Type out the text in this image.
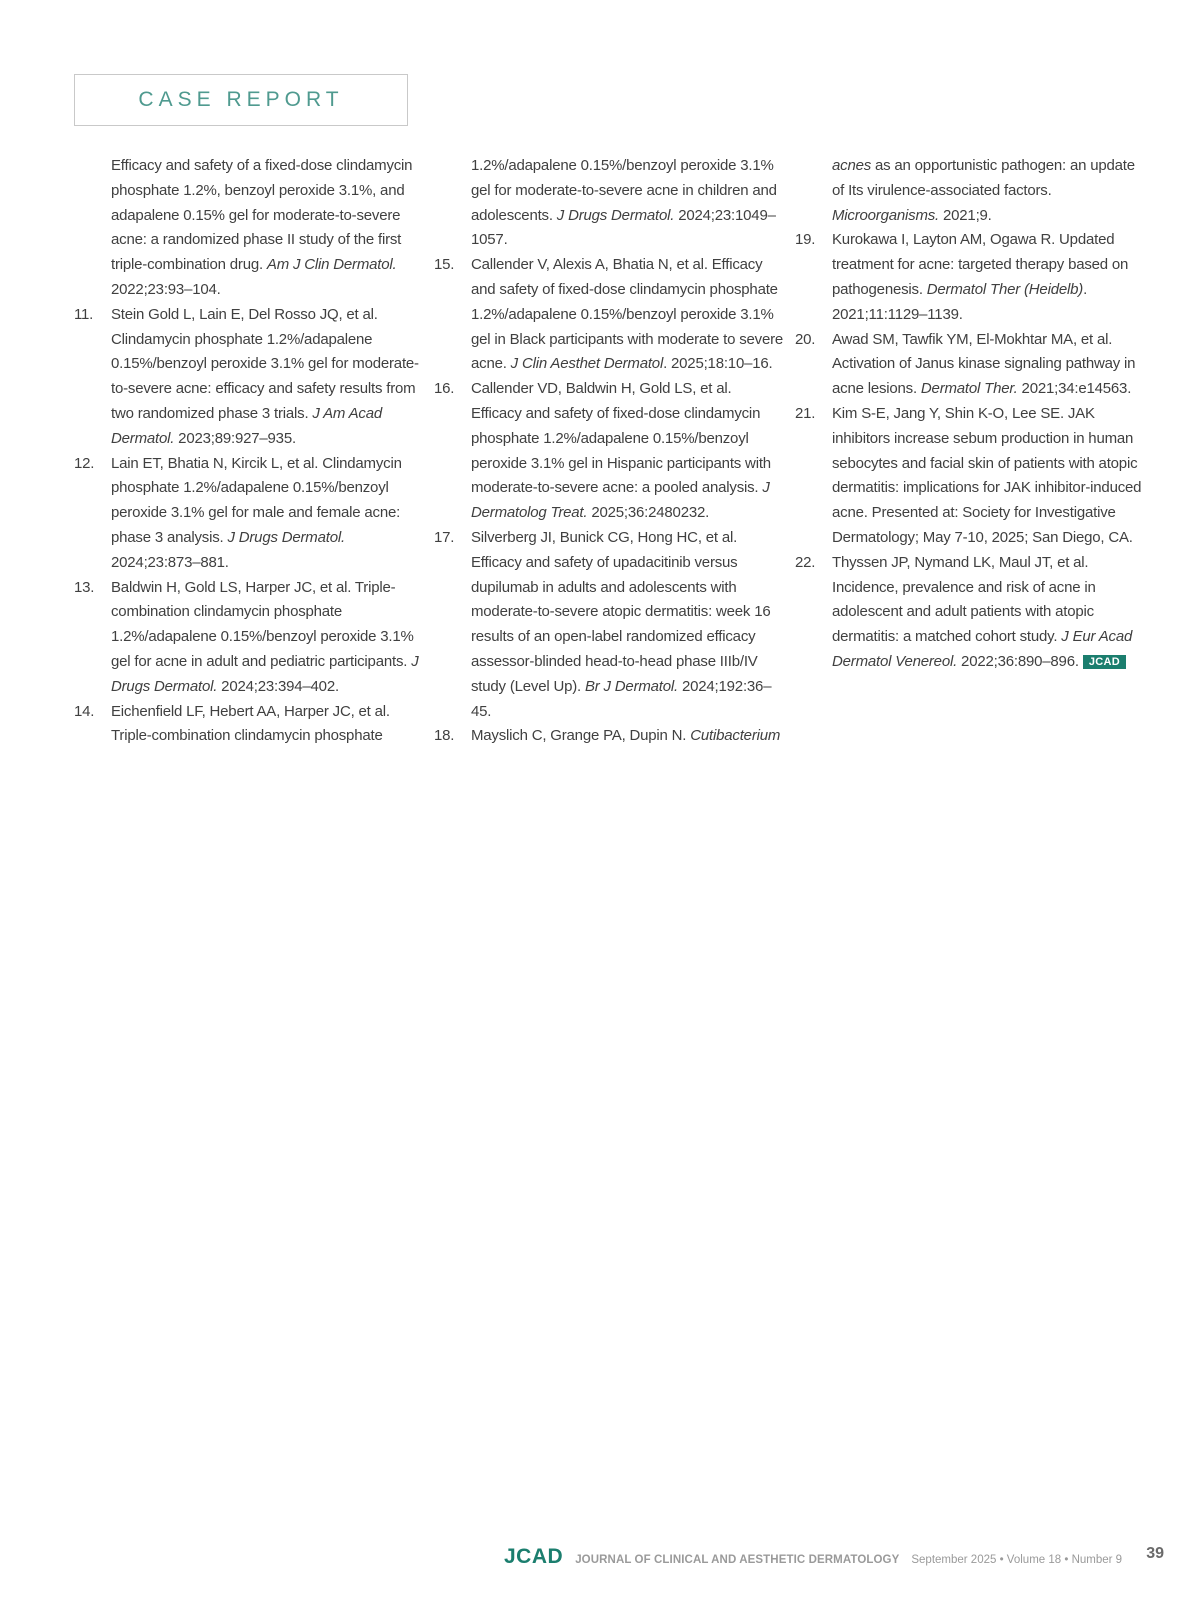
CASE REPORT

Efficacy and safety of a fixed-dose clindamycin phosphate 1.2%, benzoyl peroxide 3.1%, and adapalene 0.15% gel for moderate-to-severe acne: a randomized phase II study of the first triple-combination drug. Am J Clin Dermatol. 2022;23:93–104.

11. Stein Gold L, Lain E, Del Rosso JQ, et al. Clindamycin phosphate 1.2%/adapalene 0.15%/benzoyl peroxide 3.1% gel for moderate-to-severe acne: efficacy and safety results from two randomized phase 3 trials. J Am Acad Dermatol. 2023;89:927–935.

12. Lain ET, Bhatia N, Kircik L, et al. Clindamycin phosphate 1.2%/adapalene 0.15%/benzoyl peroxide 3.1% gel for male and female acne: phase 3 analysis. J Drugs Dermatol. 2024;23:873–881.

13. Baldwin H, Gold LS, Harper JC, et al. Triple-combination clindamycin phosphate 1.2%/adapalene 0.15%/benzoyl peroxide 3.1% gel for acne in adult and pediatric participants. J Drugs Dermatol. 2024;23:394–402.

14. Eichenfield LF, Hebert AA, Harper JC, et al. Triple-combination clindamycin phosphate

1.2%/adapalene 0.15%/benzoyl peroxide 3.1% gel for moderate-to-severe acne in children and adolescents. J Drugs Dermatol. 2024;23:1049–1057.

15. Callender V, Alexis A, Bhatia N, et al. Efficacy and safety of fixed-dose clindamycin phosphate 1.2%/adapalene 0.15%/benzoyl peroxide 3.1% gel in Black participants with moderate to severe acne. J Clin Aesthet Dermatol. 2025;18:10–16.

16. Callender VD, Baldwin H, Gold LS, et al. Efficacy and safety of fixed-dose clindamycin phosphate 1.2%/adapalene 0.15%/benzoyl peroxide 3.1% gel in Hispanic participants with moderate-to-severe acne: a pooled analysis. J Dermatolog Treat. 2025;36:2480232.

17. Silverberg JI, Bunick CG, Hong HC, et al. Efficacy and safety of upadacitinib versus dupilumab in adults and adolescents with moderate-to-severe atopic dermatitis: week 16 results of an open-label randomized efficacy assessor-blinded head-to-head phase IIIb/IV study (Level Up). Br J Dermatol. 2024;192:36–45.

18. Mayslich C, Grange PA, Dupin N. Cutibacterium

acnes as an opportunistic pathogen: an update of Its virulence-associated factors. Microorganisms. 2021;9.

19. Kurokawa I, Layton AM, Ogawa R. Updated treatment for acne: targeted therapy based on pathogenesis. Dermatol Ther (Heidelb). 2021;11:1129–1139.

20. Awad SM, Tawfik YM, El-Mokhtar MA, et al. Activation of Janus kinase signaling pathway in acne lesions. Dermatol Ther. 2021;34:e14563.

21. Kim S-E, Jang Y, Shin K-O, Lee SE. JAK inhibitors increase sebum production in human sebocytes and facial skin of patients with atopic dermatitis: implications for JAK inhibitor-induced acne. Presented at: Society for Investigative Dermatology; May 7-10, 2025; San Diego, CA.

22. Thyssen JP, Nymand LK, Maul JT, et al. Incidence, prevalence and risk of acne in adolescent and adult patients with atopic dermatitis: a matched cohort study. J Eur Acad Dermatol Venereol. 2022;36:890–896. JCAD

JCAD JOURNAL OF CLINICAL AND AESTHETIC DERMATOLOGY September 2025 • Volume 18 • Number 9 39
